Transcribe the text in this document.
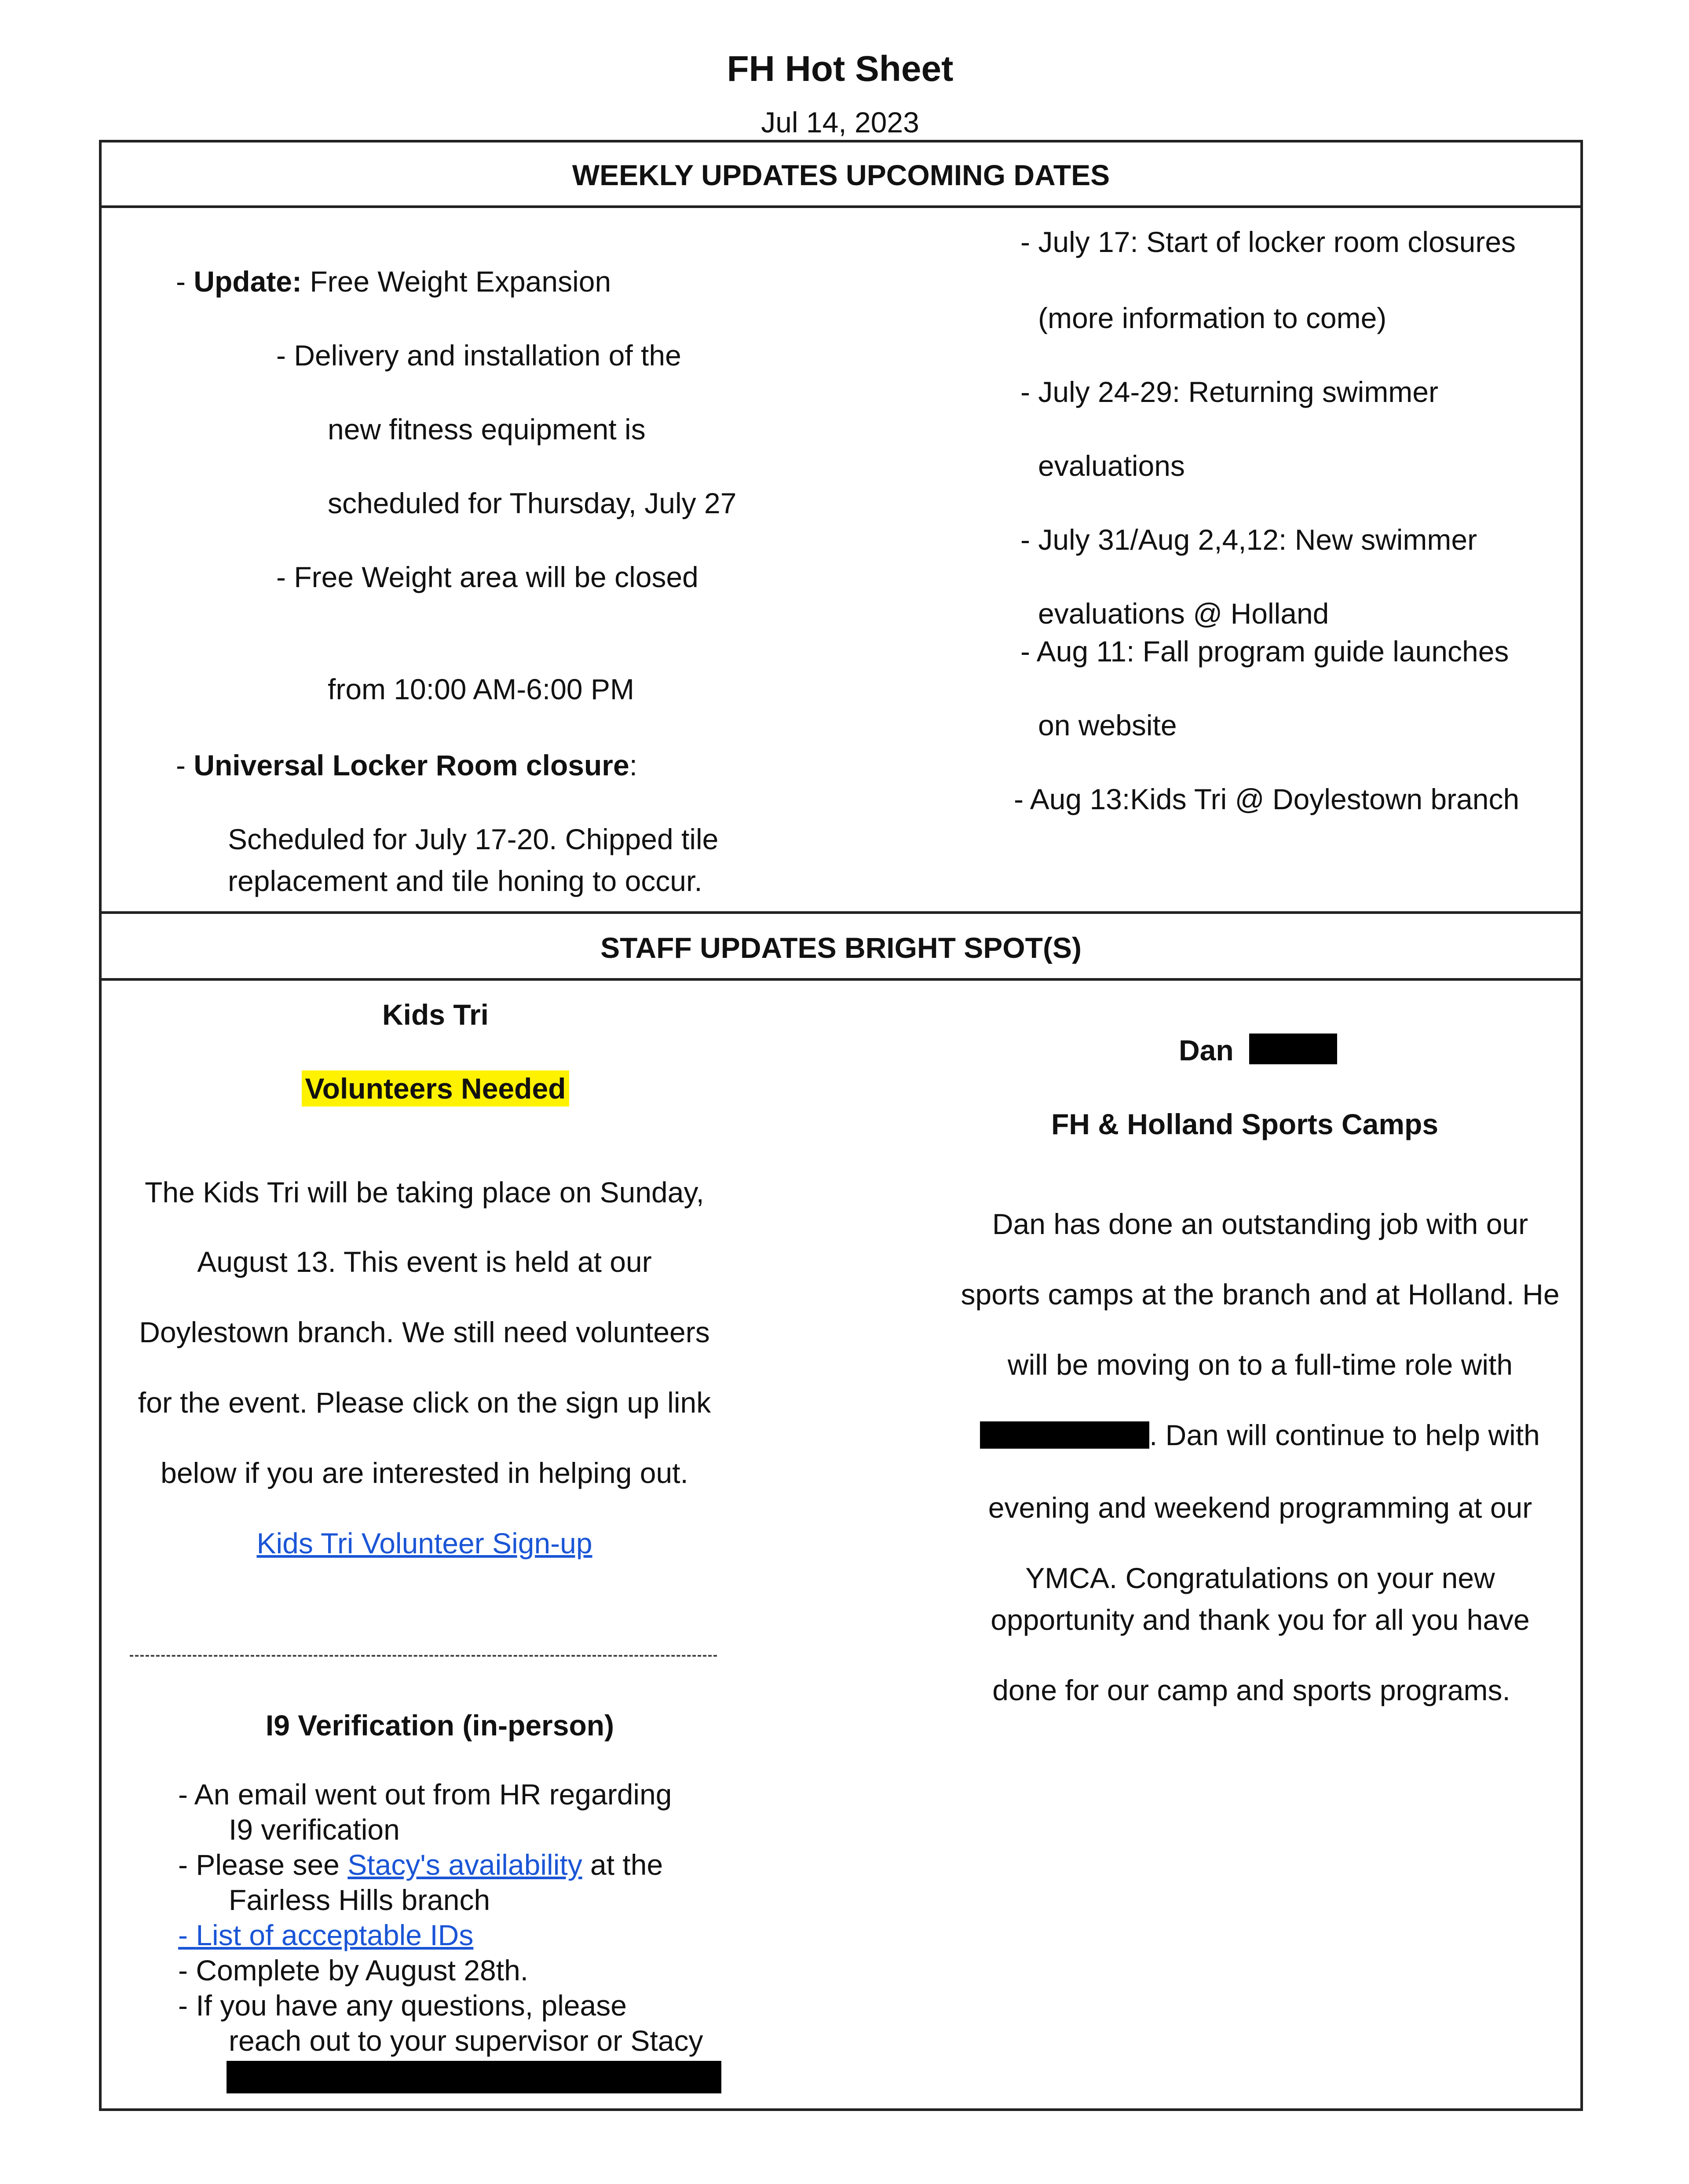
FH Hot Sheet
Jul 14, 2023
WEEKLY UPDATES UPCOMING DATES
STAFF UPDATES BRIGHT SPOT(S)
- Update: Free Weight Expansion
- Delivery and installation of the
new fitness equipment is
scheduled for Thursday, July 27
- Free Weight area will be closed
from 10:00 AM-6:00 PM
- Universal Locker Room closure:
Scheduled for July 17-20. Chipped tile
replacement and tile honing to occur.
- July 17: Start of locker room closures
(more information to come)
- July 24-29: Returning swimmer
evaluations
- July 31/Aug 2,4,12: New swimmer
evaluations @ Holland
- Aug 11: Fall program guide launches
on website
- Aug 13:Kids Tri @ Doylestown branch
Kids Tri
Volunteers Needed
The Kids Tri will be taking place on Sunday,
August 13. This event is held at our
Doylestown branch. We still need volunteers
for the event. Please click on the sign up link
below if you are interested in helping out.
Kids Tri Volunteer Sign-up
I9 Verification (in-person)
- An email went out from HR regarding
I9 verification
- Please see Stacy's availability at the
Fairless Hills branch
- List of acceptable IDs
- Complete by August 28th.
- If you have any questions, please
reach out to your supervisor or Stacy
Dan
FH & Holland Sports Camps
Dan has done an outstanding job with our
sports camps at the branch and at Holland. He
will be moving on to a full-time role with
. Dan will continue to help with
evening and weekend programming at our
YMCA. Congratulations on your new
opportunity and thank you for all you have
done for our camp and sports programs.
